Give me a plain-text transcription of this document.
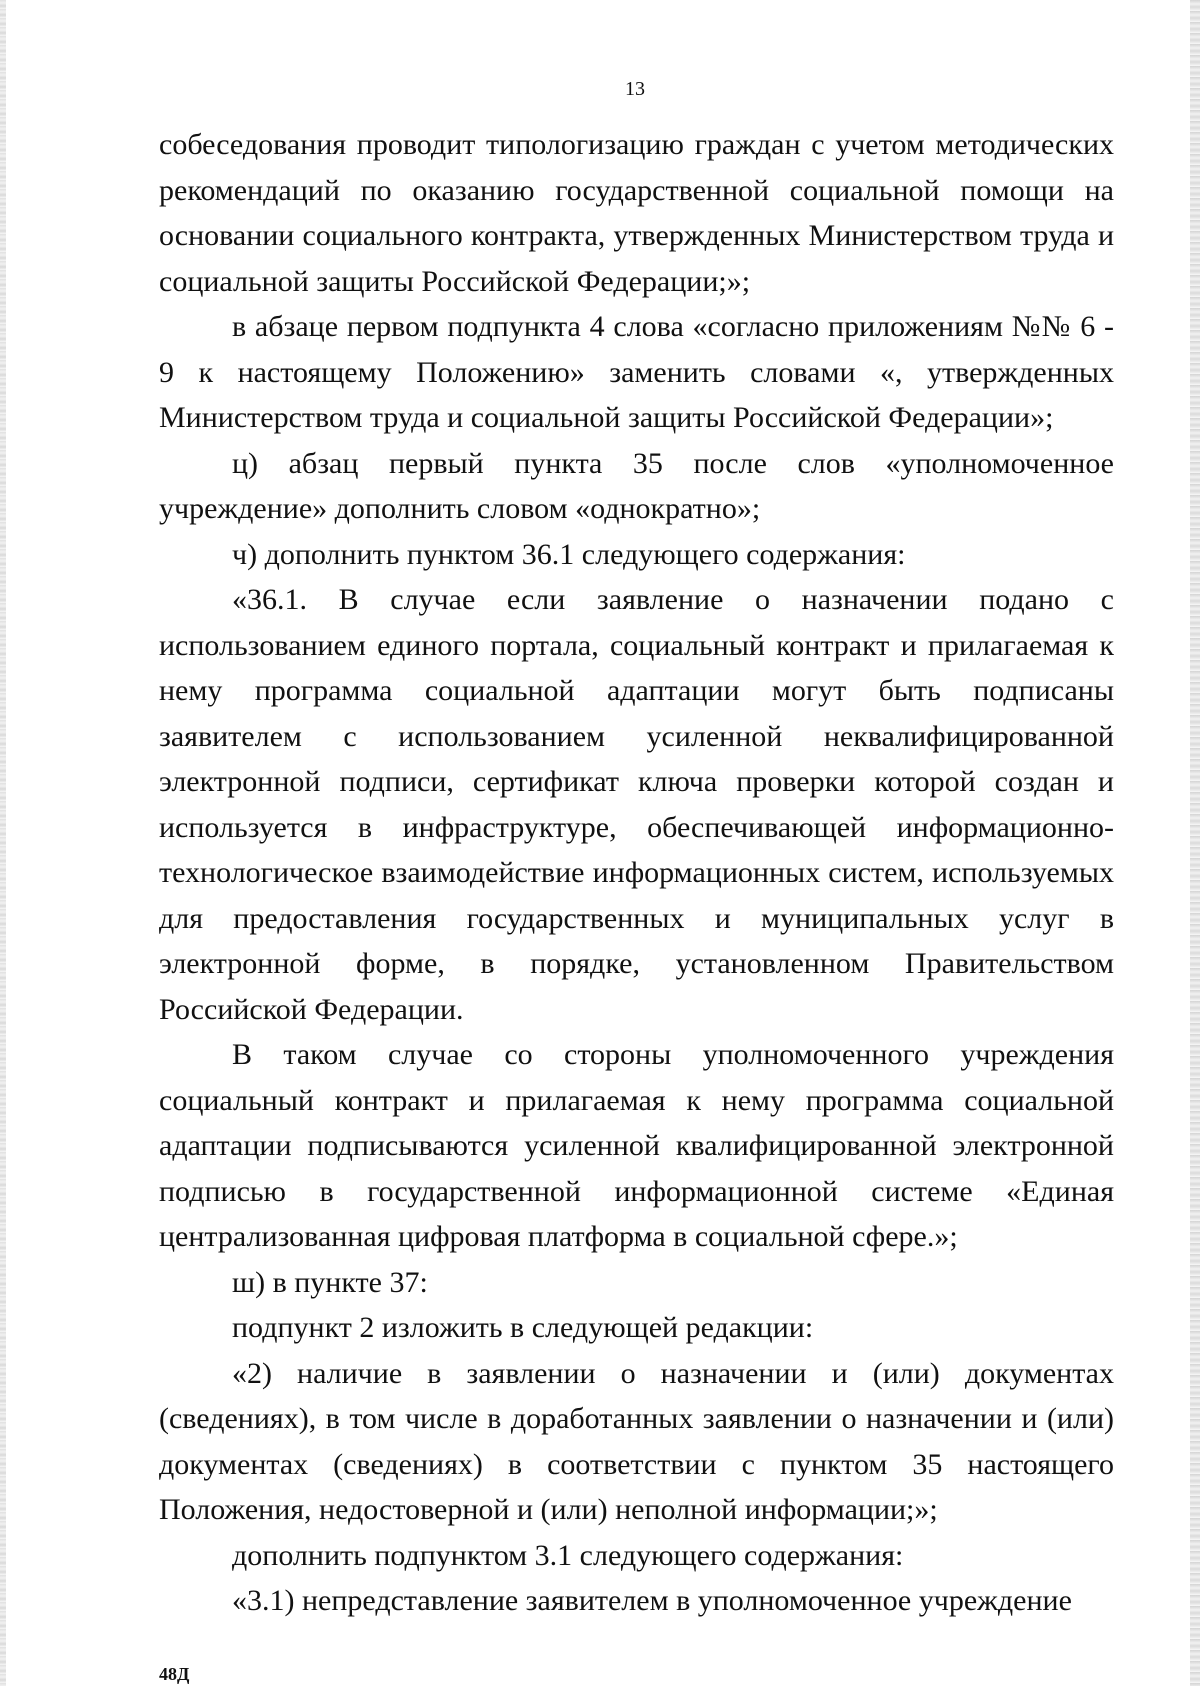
13

собеседования проводит типологизацию граждан с учетом методических рекомендаций по оказанию государственной социальной помощи на основании социального контракта, утвержденных Министерством труда и социальной защиты Российской Федерации;»;

в абзаце первом подпункта 4 слова «согласно приложениям №№ 6 - 9 к настоящему Положению» заменить словами «, утвержденных Министерством труда и социальной защиты Российской Федерации»;

ц) абзац первый пункта 35 после слов «уполномоченное учреждение» дополнить словом «однократно»;

ч) дополнить пунктом 36.1 следующего содержания:

«36.1. В случае если заявление о назначении подано с использованием единого портала, социальный контракт и прилагаемая к нему программа социальной адаптации могут быть подписаны заявителем с использованием усиленной неквалифицированной электронной подписи, сертификат ключа проверки которой создан и используется в инфраструктуре, обеспечивающей информационно-технологическое взаимодействие информационных систем, используемых для предоставления государственных и муниципальных услуг в электронной форме, в порядке, установленном Правительством Российской Федерации.

В таком случае со стороны уполномоченного учреждения социальный контракт и прилагаемая к нему программа социальной адаптации подписываются усиленной квалифицированной электронной подписью в государственной информационной системе «Единая централизованная цифровая платформа в социальной сфере.»;

ш) в пункте 37:

подпункт 2 изложить в следующей редакции:

«2) наличие в заявлении о назначении и (или) документах (сведениях), в том числе в доработанных заявлении о назначении и (или) документах (сведениях) в соответствии с пунктом 35 настоящего Положения, недостоверной и (или) неполной информации;»;

дополнить подпунктом 3.1 следующего содержания:

«3.1) непредставление заявителем в уполномоченное учреждение

48Д
